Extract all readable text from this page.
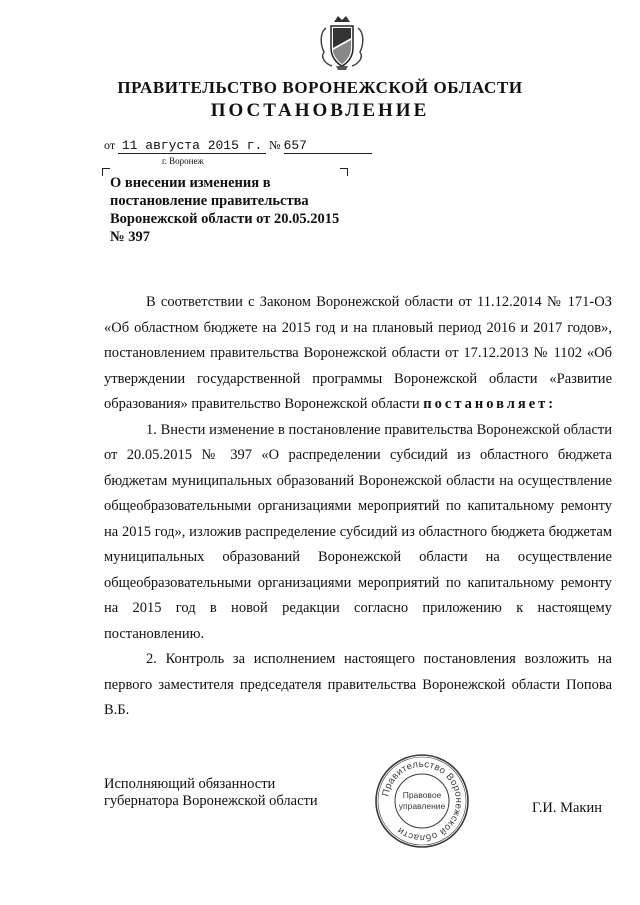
ПРАВИТЕЛЬСТВО ВОРОНЕЖСКОЙ ОБЛАСТИ
ПОСТАНОВЛЕНИЕ
от 11 августа 2015 г. № 657
г. Воронеж
О внесении изменения в постановление правительства Воронежской области от 20.05.2015 № 397

В соответствии с Законом Воронежской области от 11.12.2014 № 171-ОЗ «Об областном бюджете на 2015 год и на плановый период 2016 и 2017 годов», постановлением правительства Воронежской области от 17.12.2013 № 1102 «Об утверждении государственной программы Воронежской области «Развитие образования» правительство Воронежской области постановляет:

1. Внести изменение в постановление правительства Воронежской области от 20.05.2015 № 397 «О распределении субсидий из областного бюджета бюджетам муниципальных образований Воронежской области на осуществление общеобразовательными организациями мероприятий по капитальному ремонту на 2015 год», изложив распределение субсидий из областного бюджета бюджетам муниципальных образований Воронежской области на осуществление общеобразовательными организациями мероприятий по капитальному ремонту на 2015 год в новой редакции согласно приложению к настоящему постановлению.

2. Контроль за исполнением настоящего постановления возложить на первого заместителя председателя правительства Воронежской области Попова В.Б.

Исполняющий обязанности
губернатора Воронежской области
Правительство Воронежской области
Правовое
управление	Г.И. Макин
